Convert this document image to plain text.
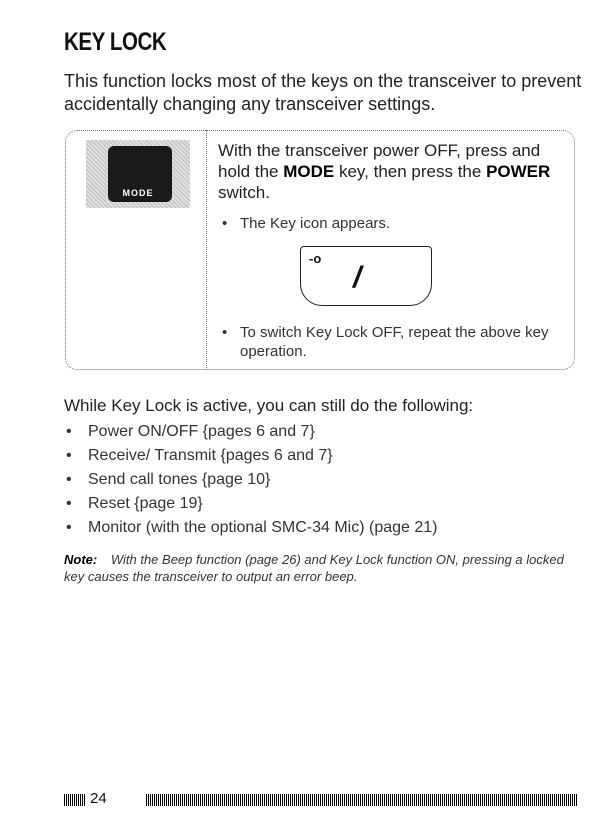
KEY LOCK
This function locks most of the keys on the transceiver to prevent accidentally changing any transceiver settings.
MODE
With the transceiver power OFF, press and hold the MODE key, then press the POWER switch.
• The Key icon appears.
-o
/
• To switch Key Lock OFF, repeat the above key operation.
While Key Lock is active, you can still do the following:
• Power ON/OFF {pages 6 and 7}
• Receive/ Transmit {pages 6 and 7}
• Send call tones {page 10}
• Reset {page 19}
• Monitor (with the optional SMC-34 Mic) (page 21)
Note: With the Beep function (page 26) and Key Lock function ON, pressing a locked key causes the transceiver to output an error beep.
24
